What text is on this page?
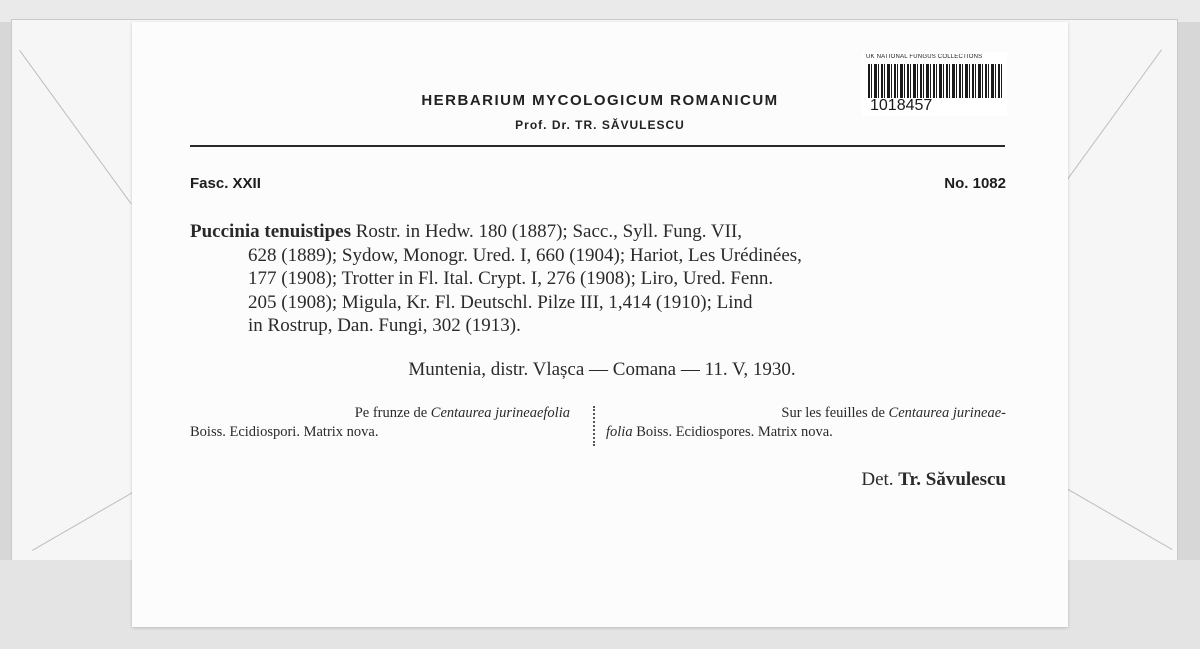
HERBARIUM MYCOLOGICUM ROMANICUM
Prof. Dr. TR. SĂVULESCU
UK NATIONAL FUNGUS COLLECTIONS
1018457
Fasc. XXII	No. 1082
Puccinia tenuistipes Rostr. in Hedw. 180 (1887); Sacc., Syll. Fung. VII,
628 (1889); Sydow, Monogr. Ured. I, 660 (1904); Hariot, Les Urédinées,
177 (1908); Trotter in Fl. Ital. Crypt. I, 276 (1908); Liro, Ured. Fenn.
205 (1908); Migula, Kr. Fl. Deutschl. Pilze III, 1,414 (1910); Lind
in Rostrup, Dan. Fungi, 302 (1913).
Muntenia, distr. Vlașca — Comana — 11. V, 1930.
Pe frunze de Centaurea jurineaefolia
Boiss. Ecidiospori. Matrix nova.
Sur les feuilles de Centaurea jurineae-
folia Boiss. Ecidiospores. Matrix nova.
Det. Tr. Săvulescu
